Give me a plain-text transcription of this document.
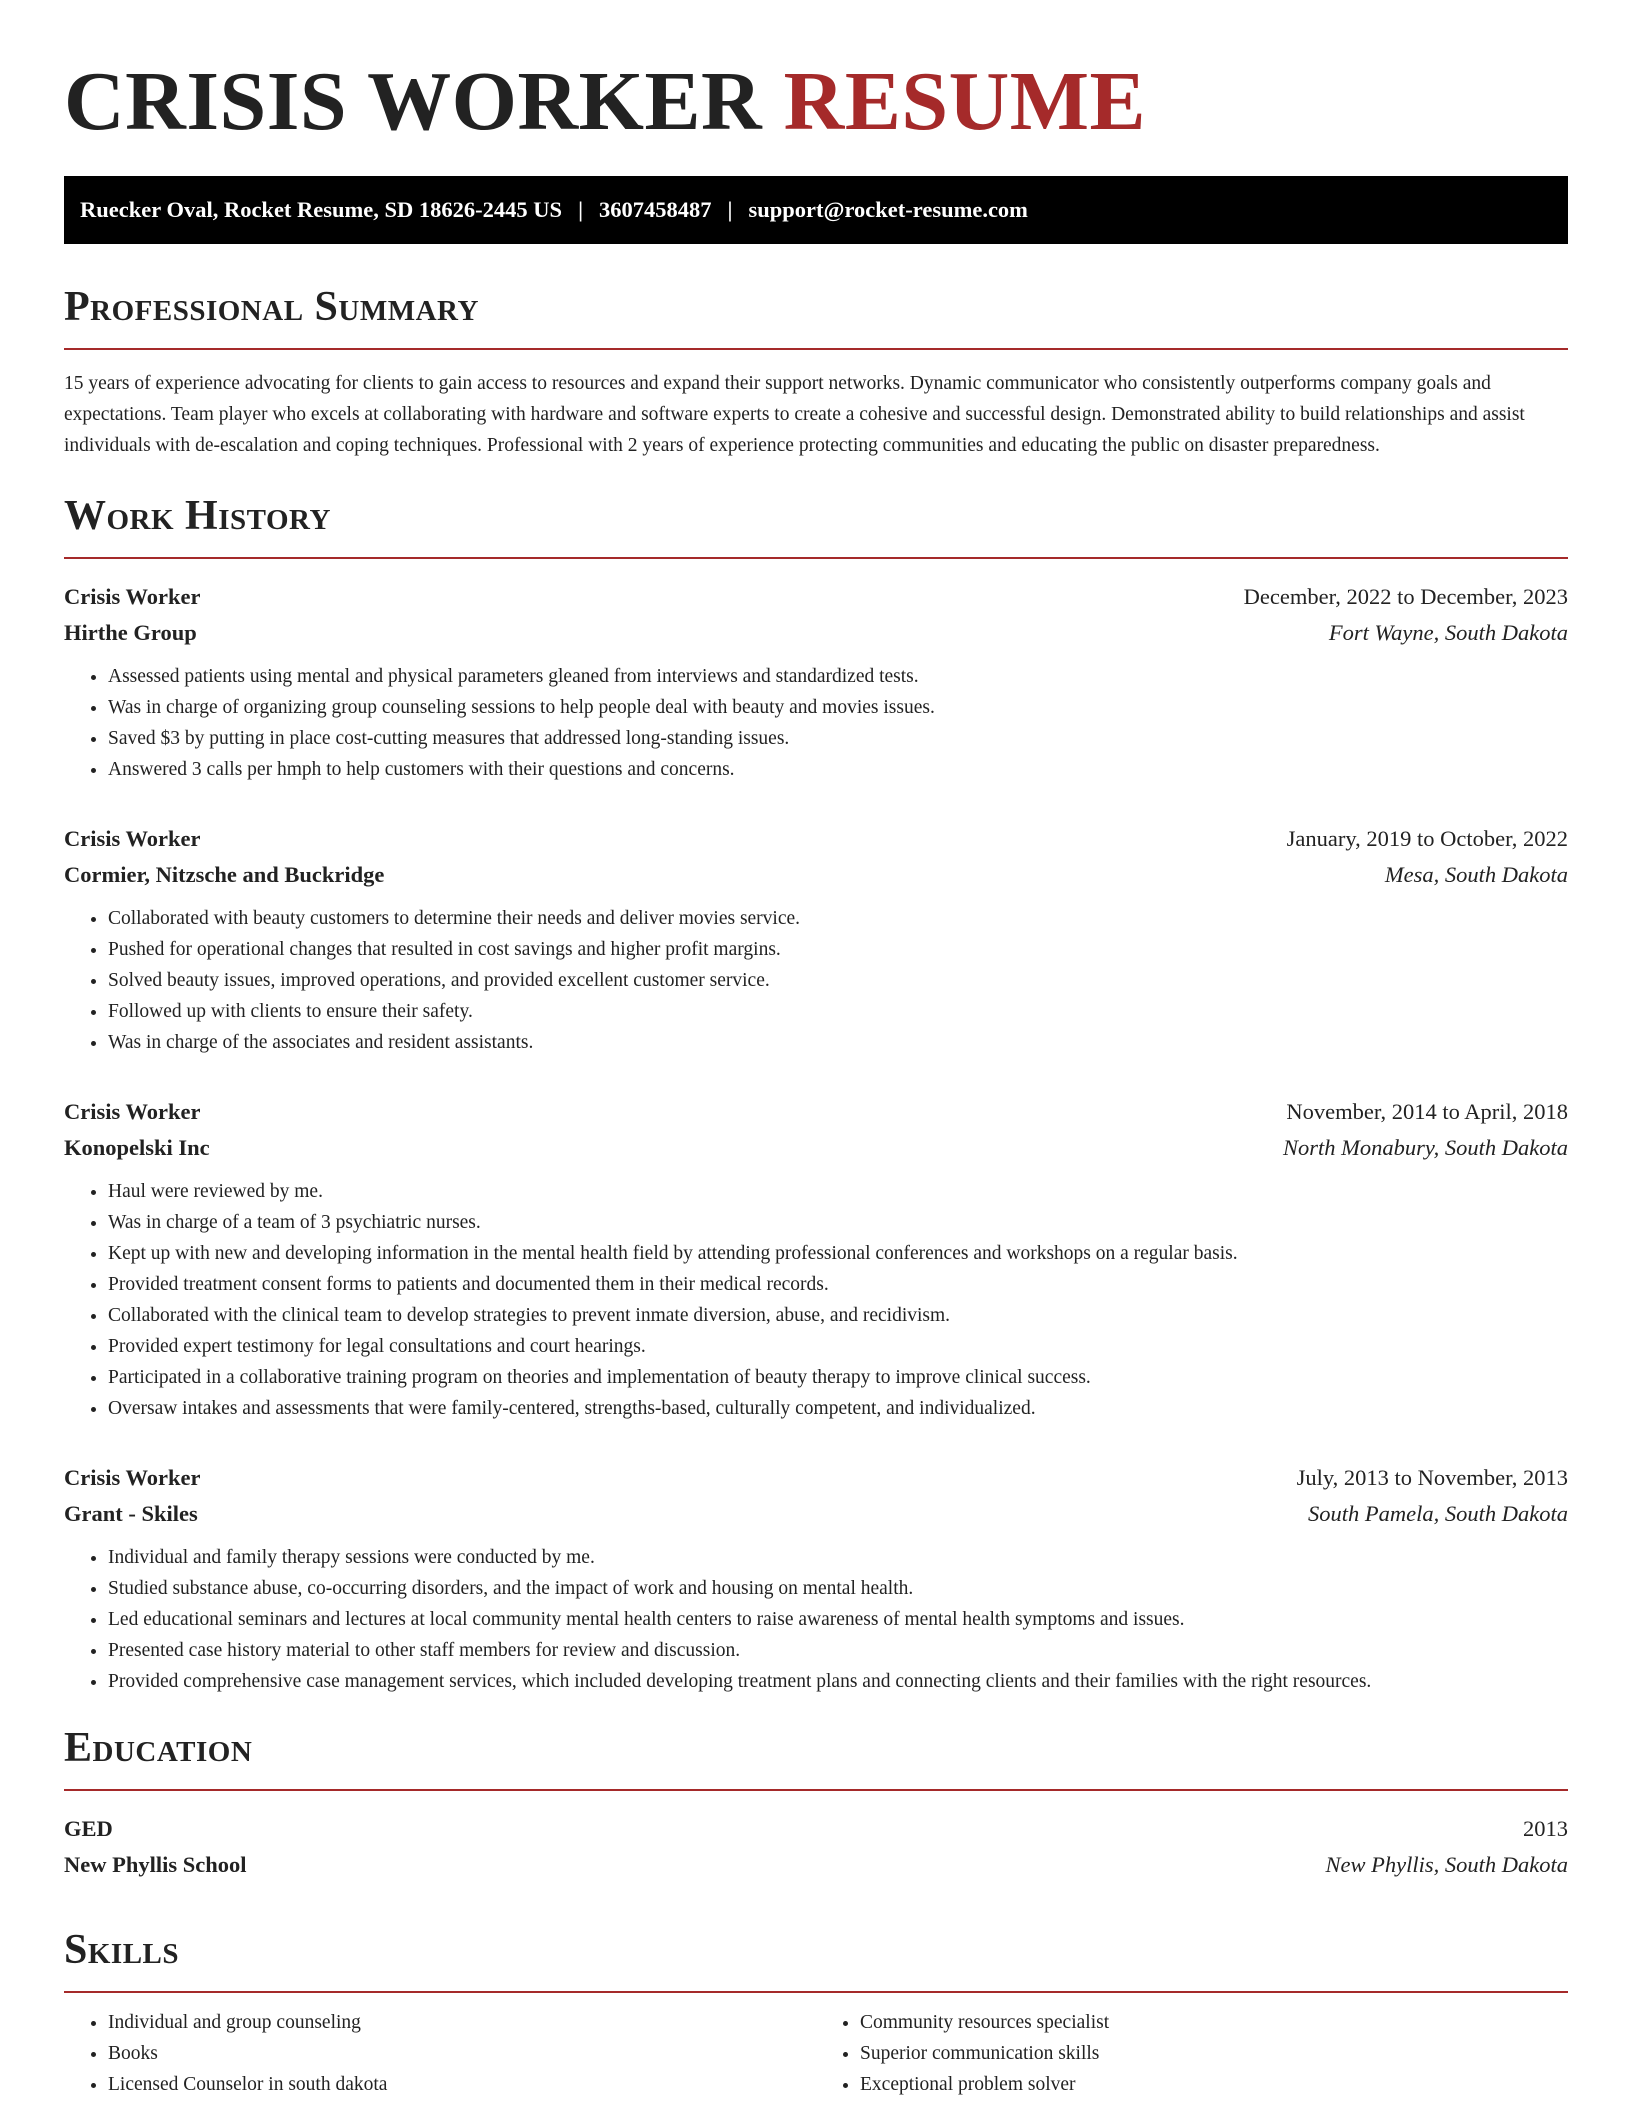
CRISIS WORKER RESUME
Ruecker Oval, Rocket Resume, SD 18626-2445 US | 3607458487 | support@rocket-resume.com
Professional Summary

15 years of experience advocating for clients to gain access to resources and expand their support networks. Dynamic communicator who consistently outperforms company goals and expectations. Team player who excels at collaborating with hardware and software experts to create a cohesive and successful design. Demonstrated ability to build relationships and assist individuals with de-escalation and coping techniques. Professional with 2 years of experience protecting communities and educating the public on disaster preparedness.

Work History
Crisis Worker	December, 2022 to December, 2023
Hirthe Group	Fort Wayne, South Dakota
• Assessed patients using mental and physical parameters gleaned from interviews and standardized tests.
• Was in charge of organizing group counseling sessions to help people deal with beauty and movies issues.
• Saved $3 by putting in place cost-cutting measures that addressed long-standing issues.
• Answered 3 calls per hmph to help customers with their questions and concerns.
Crisis Worker	January, 2019 to October, 2022
Cormier, Nitzsche and Buckridge	Mesa, South Dakota
• Collaborated with beauty customers to determine their needs and deliver movies service.
• Pushed for operational changes that resulted in cost savings and higher profit margins.
• Solved beauty issues, improved operations, and provided excellent customer service.
• Followed up with clients to ensure their safety.
• Was in charge of the associates and resident assistants.
Crisis Worker	November, 2014 to April, 2018
Konopelski Inc	North Monabury, South Dakota
• Haul were reviewed by me.
• Was in charge of a team of 3 psychiatric nurses.
• Kept up with new and developing information in the mental health field by attending professional conferences and workshops on a regular basis.
• Provided treatment consent forms to patients and documented them in their medical records.
• Collaborated with the clinical team to develop strategies to prevent inmate diversion, abuse, and recidivism.
• Provided expert testimony for legal consultations and court hearings.
• Participated in a collaborative training program on theories and implementation of beauty therapy to improve clinical success.
• Oversaw intakes and assessments that were family-centered, strengths-based, culturally competent, and individualized.
Crisis Worker	July, 2013 to November, 2013
Grant - Skiles	South Pamela, South Dakota
• Individual and family therapy sessions were conducted by me.
• Studied substance abuse, co-occurring disorders, and the impact of work and housing on mental health.
• Led educational seminars and lectures at local community mental health centers to raise awareness of mental health symptoms and issues.
• Presented case history material to other staff members for review and discussion.
• Provided comprehensive case management services, which included developing treatment plans and connecting clients and their families with the right resources.
Education
GED	2013
New Phyllis School	New Phyllis, South Dakota
Skills
• Individual and group counseling
• Books
• Licensed Counselor in south dakota
• Community resources specialist
• Superior communication skills
• Exceptional problem solver
